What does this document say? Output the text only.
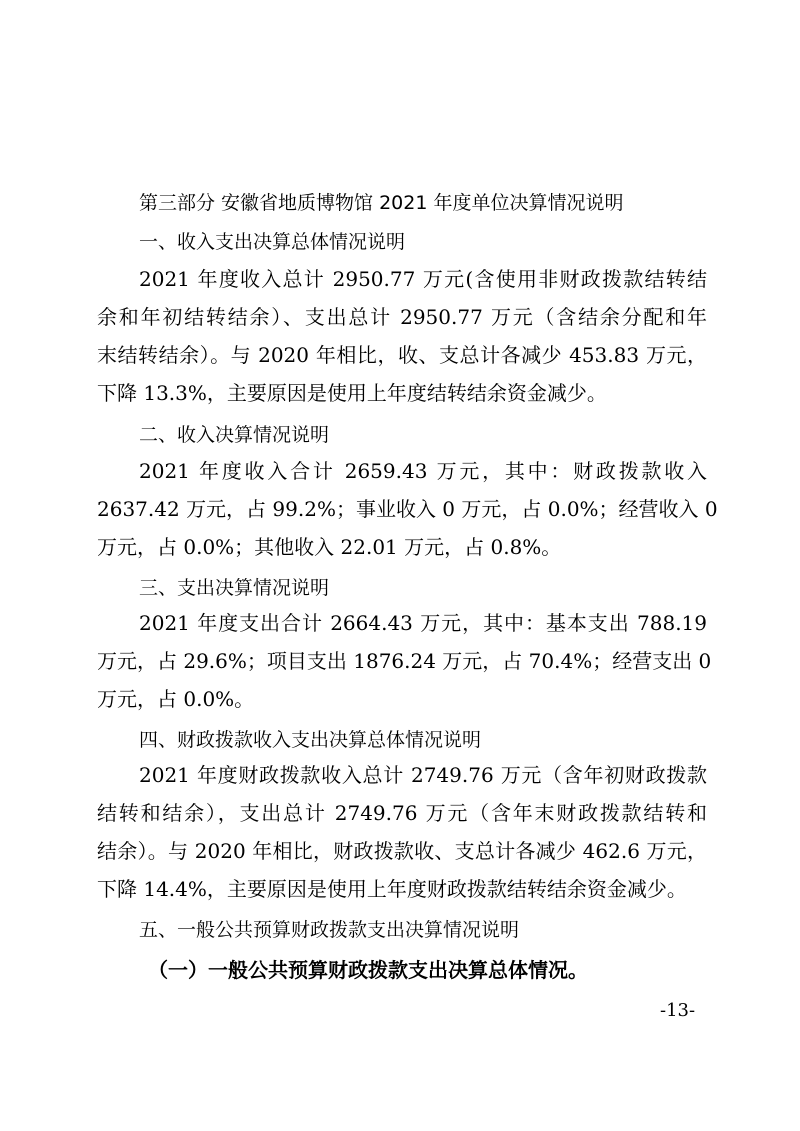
第三部分 安徽省地质博物馆 2021 年度单位决算情况说明

一、收入支出决算总体情况说明

2021 年度收入总计 2950.77 万元(含使用非财政拨款结转结

余和年初结转结余）、支出总计 2950.77 万元（含结余分配和年

末结转结余）。与 2020 年相比，收、支总计各减少 453.83 万元，

下降 13.3%，主要原因是使用上年度结转结余资金减少。

二、收入决算情况说明

2021 年度收入合计 2659.43 万元，其中：财政拨款收入

2637.42 万元，占 99.2%；事业收入 0 万元，占 0.0%；经营收入 0

万元，占 0.0%；其他收入 22.01 万元，占 0.8%。

三、支出决算情况说明

2021 年度支出合计 2664.43 万元，其中：基本支出 788.19

万元，占 29.6%；项目支出 1876.24 万元，占 70.4%；经营支出 0

万元，占 0.0%。

四、财政拨款收入支出决算总体情况说明

2021 年度财政拨款收入总计 2749.76 万元（含年初财政拨款

结转和结余），支出总计 2749.76 万元（含年末财政拨款结转和

结余）。与 2020 年相比，财政拨款收、支总计各减少 462.6 万元，

下降 14.4%，主要原因是使用上年度财政拨款结转结余资金减少。

五、一般公共预算财政拨款支出决算情况说明

（一）一般公共预算财政拨款支出决算总体情况。

-13-
